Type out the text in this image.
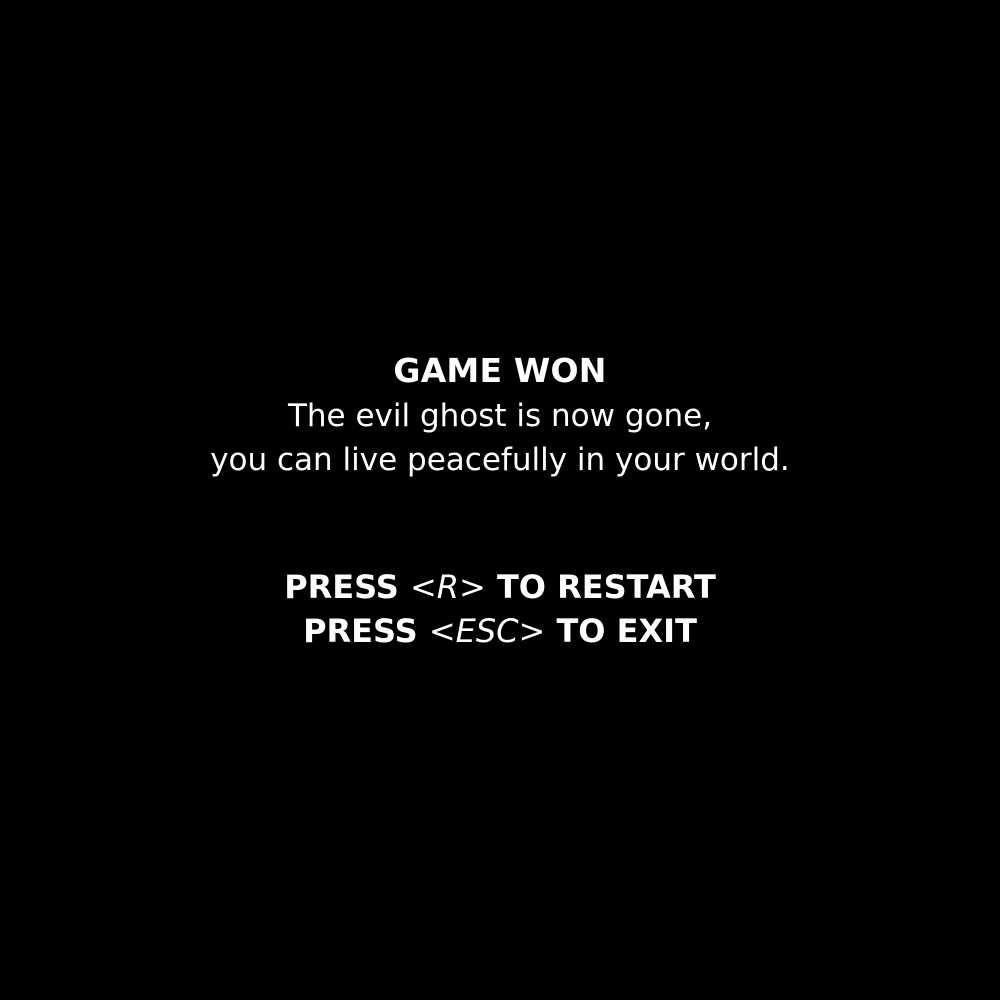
GAME WON
The evil ghost is now gone,
you can live peacefully in your world.
PRESS <R> TO RESTART
PRESS <ESC> TO EXIT
